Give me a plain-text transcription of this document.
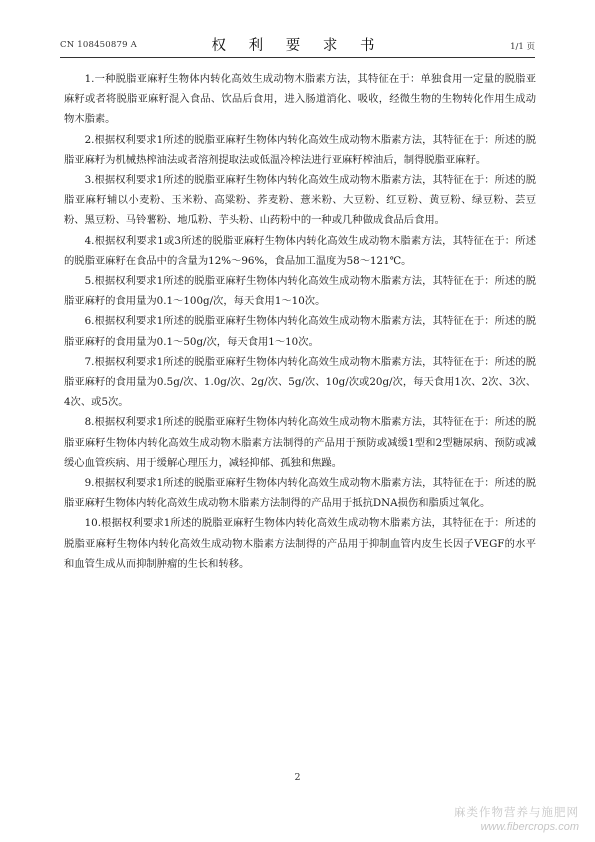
CN 108450879 A	权 利 要 求 书	1/1 页

1.一种脱脂亚麻籽生物体内转化高效生成动物木脂素方法，其特征在于：单独食用一定量的脱脂亚麻籽或者将脱脂亚麻籽混入食品、饮品后食用，进入肠道消化、吸收，经微生物的生物转化作用生成动物木脂素。

2.根据权利要求1所述的脱脂亚麻籽生物体内转化高效生成动物木脂素方法，其特征在于：所述的脱脂亚麻籽为机械热榨油法或者溶剂提取法或低温冷榨法进行亚麻籽榨油后，制得脱脂亚麻籽。

3.根据权利要求1所述的脱脂亚麻籽生物体内转化高效生成动物木脂素方法，其特征在于：所述的脱脂亚麻籽辅以小麦粉、玉米粉、高粱粉、荞麦粉、薏米粉、大豆粉、红豆粉、黄豆粉、绿豆粉、芸豆粉、黑豆粉、马铃薯粉、地瓜粉、芋头粉、山药粉中的一种或几种做成食品后食用。

4.根据权利要求1或3所述的脱脂亚麻籽生物体内转化高效生成动物木脂素方法，其特征在于：所述的脱脂亚麻籽在食品中的含量为12%～96%，食品加工温度为58～121℃。

5.根据权利要求1所述的脱脂亚麻籽生物体内转化高效生成动物木脂素方法，其特征在于：所述的脱脂亚麻籽的食用量为0.1～100g/次，每天食用1～10次。

6.根据权利要求1所述的脱脂亚麻籽生物体内转化高效生成动物木脂素方法，其特征在于：所述的脱脂亚麻籽的食用量为0.1～50g/次，每天食用1～10次。

7.根据权利要求1所述的脱脂亚麻籽生物体内转化高效生成动物木脂素方法，其特征在于：所述的脱脂亚麻籽的食用量为0.5g/次、1.0g/次、2g/次、5g/次、10g/次或20g/次，每天食用1次、2次、3次、4次、或5次。

8.根据权利要求1所述的脱脂亚麻籽生物体内转化高效生成动物木脂素方法，其特征在于：所述的脱脂亚麻籽生物体内转化高效生成动物木脂素方法制得的产品用于预防或减缓1型和2型糖尿病、预防或减缓心血管疾病、用于缓解心理压力，减轻抑郁、孤独和焦躁。

9.根据权利要求1所述的脱脂亚麻籽生物体内转化高效生成动物木脂素方法，其特征在于：所述的脱脂亚麻籽生物体内转化高效生成动物木脂素方法制得的产品用于抵抗DNA损伤和脂质过氧化。

10.根据权利要求1所述的脱脂亚麻籽生物体内转化高效生成动物木脂素方法，其特征在于：所述的脱脂亚麻籽生物体内转化高效生成动物木脂素方法制得的产品用于抑制血管内皮生长因子VEGF的水平和血管生成从而抑制肿瘤的生长和转移。

2
麻类作物营养与施肥网
www.fibercrops.com
